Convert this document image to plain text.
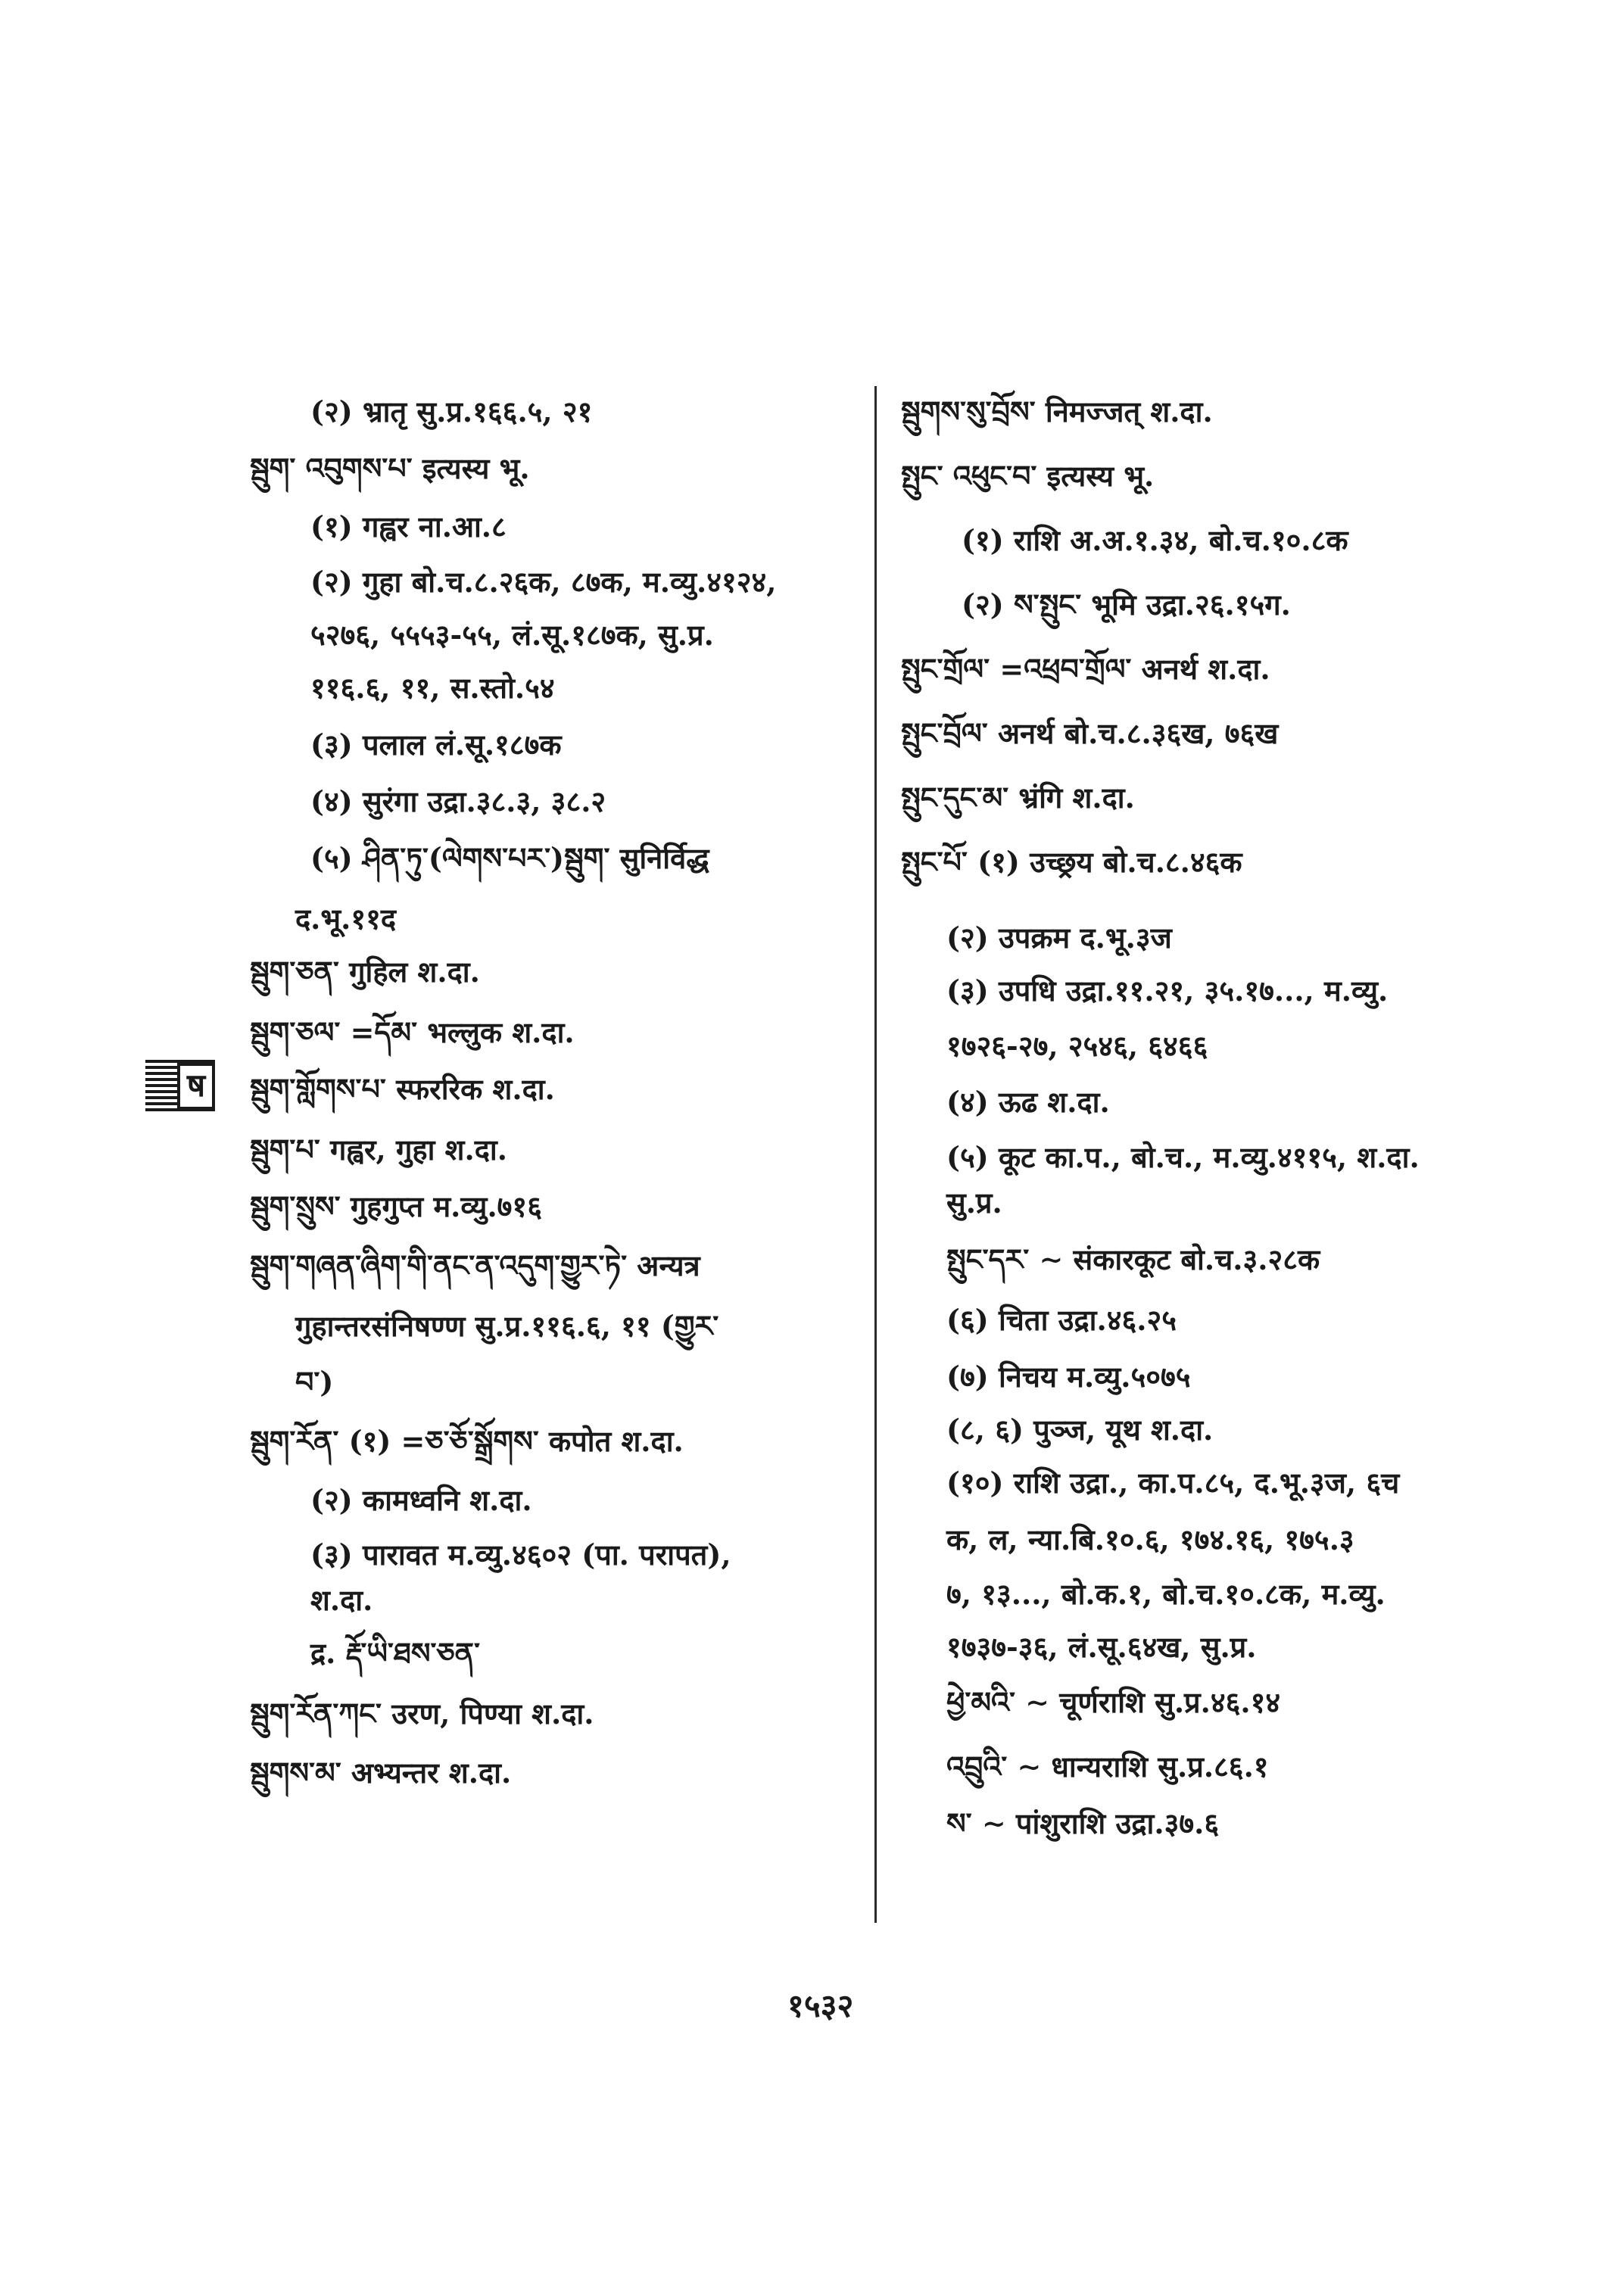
(२) भ्रातृ सु.प्र.१६६.५, २१
སྦུག་ འབུགས་པ་ इत्यस्य भू.
(१) गह्वर ना.आ.८
(२) गुहा बो.च.८.२६क, ८७क, म.व्यु.४१२४,
५२७६, ५५५३-५५, लं.सू.१८७क, सु.प्र.
११६.६, ११, स.स्तो.५४
(३) पलाल लं.सू.१८७क
(४) सुरंगा उद्रा.३८.३, ३८.२
(५) ཤིན་ཏུ་(ལེགས་པར་)སྦུག་ सुनिर्विद्ध
द.भू.११द
སྦུག་ཅན་ गुहिल श.दा.
སྦུག་ཅལ་ =དོམ་ भल्लुक श.दा.
སྦུག་གློགས་པ་ स्फररिक श.दा.
སྦུག་པ་ गह्वर, गुहा श.दा.
སྦུག་སྲུས་ गुहगुप्त म.व्यु.७१६
སྦུག་གཞན་ཞིག་གི་ནང་ན་འདུག་གྱུར་ཏེ་ अन्यत्र
गुहान्तरसंनिषण्ण सु.प्र.११६.६, ११ (གྱུར་
བ་)
སྦུག་རོན་ (१) =ཅ་ཅོ་སྒྲོགས་ कपोत श.दा.
(२) कामध्वनि श.दा.
(३) पारावत म.व्यु.४६०२ (पा. परापत),
श.दा.
द्र. རྡོ་ཡི་ཐས་ཅན་
སྦུག་རོན་ཀང་ उरण, पिण्या श.दा.
སྦུགས་མ་ अभ्यन्तर श.दा.
སྦུགས་སུ་བྲོས་ निमज्जत् श.दा.
སྤུང་ འཕུང་བ་ इत्यस्य भू.
(१) राशि अ.अ.१.३४, बो.च.१०.८क
(२) ས་སྤུང་ भूमि उद्रा.२६.१५ग.
སྤུང་གྲོལ་ =འཕྲབ་གྲོལ་ अनर्थ श.दा.
སྤུང་བྲོལ་ अनर्थ बो.च.८.३६ख, ७६ख
སྤུང་དུང་མ་ भ्रंगि श.दा.
སྤུང་པོ་ (१) उच्छ्रय बो.च.८.४६क
(२) उपक्रम द.भू.३ज
(३) उपधि उद्रा.११.२१, ३५.१७..., म.व्यु.
१७२६-२७, २५४६, ६४६६
(४) ऊढ श.दा.
(५) कूट का.प., बो.च., म.व्यु.४११५, श.दा.
सु.प्र.
སྤུང་དར་ ∼ संकारकूट बो.च.३.२८क
(६) चिता उद्रा.४६.२५
(७) निचय म.व्यु.५०७५
(८, ६) पुञ्ज, यूथ श.दा.
(१०) राशि उद्रा., का.प.८५, द.भू.३ज, ६च
क, ल, न्या.बि.१०.६, १७४.१६, १७५.३
७, १३..., बो.क.१, बो.च.१०.८क, म.व्यु.
१७३७-३६, लं.सू.६४ख, सु.प्र.
ཕྱེ་མའི་ ∼ चूर्णराशि सु.प्र.४६.१४
འབྲུའི་ ∼ धान्यराशि सु.प्र.८६.१
ས་ ∼ पांशुराशि उद्रा.३७.६
ष
१५३२
